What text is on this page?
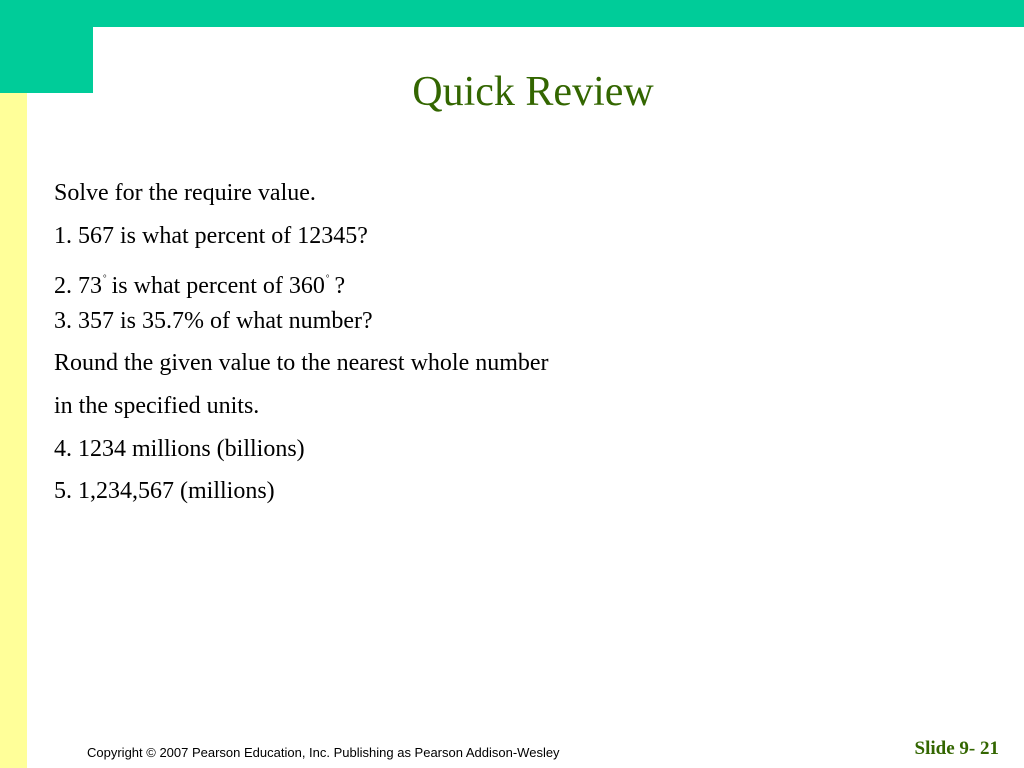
Quick Review
Solve for the require value.
1. 567 is what percent of 12345?
2. 73° is what percent of 360° ?
3. 357 is 35.7% of what number?
Round the given value to the nearest whole number
in the specified units.
4. 1234 millions (billions)
5. 1,234,567 (millions)
Copyright © 2007 Pearson Education, Inc. Publishing as Pearson Addison-Wesley	Slide 9- 21
